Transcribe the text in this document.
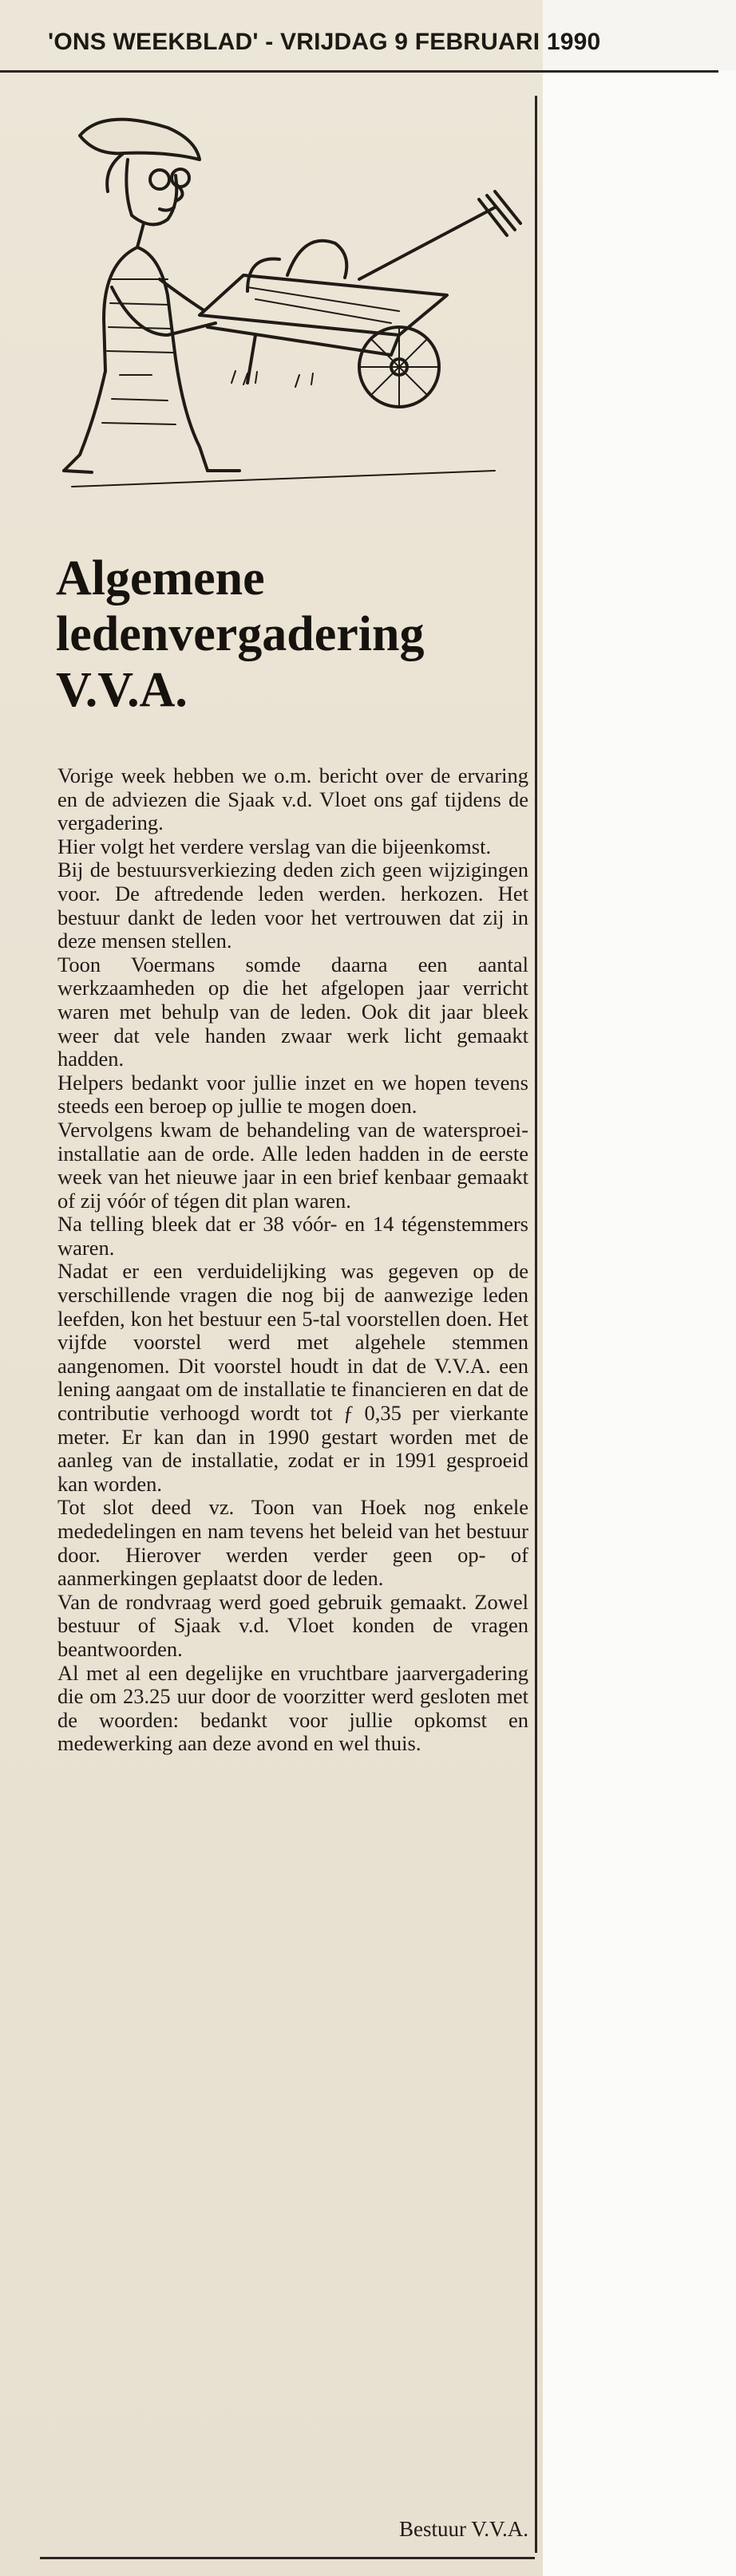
'ONS WEEKBLAD' - VRIJDAG 9 FEBRUARI 1990
Algemene
ledenvergadering
V.V.A.

Vorige week hebben we o.m. bericht over de ervaring en de adviezen die Sjaak v.d. Vloet ons gaf tijdens de vergadering.

Hier volgt het verdere verslag van die bijeenkomst.

Bij de bestuursverkiezing deden zich geen wijzigingen voor. De aftredende leden werden. herkozen. Het bestuur dankt de leden voor het vertrouwen dat zij in deze mensen stellen.

Toon Voermans somde daarna een aantal werkzaamheden op die het afgelopen jaar verricht waren met behulp van de leden. Ook dit jaar bleek weer dat vele handen zwaar werk licht gemaakt hadden.

Helpers bedankt voor jullie inzet en we hopen tevens steeds een beroep op jullie te mogen doen.

Vervolgens kwam de behandeling van de watersproei-installatie aan de orde. Alle leden hadden in de eerste week van het nieuwe jaar in een brief kenbaar gemaakt of zij vóór of tégen dit plan waren.

Na telling bleek dat er 38 vóór- en 14 tégenstemmers waren.

Nadat er een verduidelijking was gegeven op de verschillende vragen die nog bij de aanwezige leden leefden, kon het bestuur een 5-tal voorstellen doen. Het vijfde voorstel werd met algehele stemmen aangenomen. Dit voorstel houdt in dat de V.V.A. een lening aangaat om de installatie te financieren en dat de contributie verhoogd wordt tot ƒ 0,35 per vierkante meter. Er kan dan in 1990 gestart worden met de aanleg van de installatie, zodat er in 1991 gesproeid kan worden.

Tot slot deed vz. Toon van Hoek nog enkele mededelingen en nam tevens het beleid van het bestuur door. Hierover werden verder geen op- of aanmerkingen geplaatst door de leden.

Van de rondvraag werd goed gebruik gemaakt. Zowel bestuur of Sjaak v.d. Vloet konden de vragen beantwoorden.

Al met al een degelijke en vruchtbare jaarvergadering die om 23.25 uur door de voorzitter werd gesloten met de woorden: bedankt voor jullie opkomst en medewerking aan deze avond en wel thuis.

Bestuur V.V.A.
